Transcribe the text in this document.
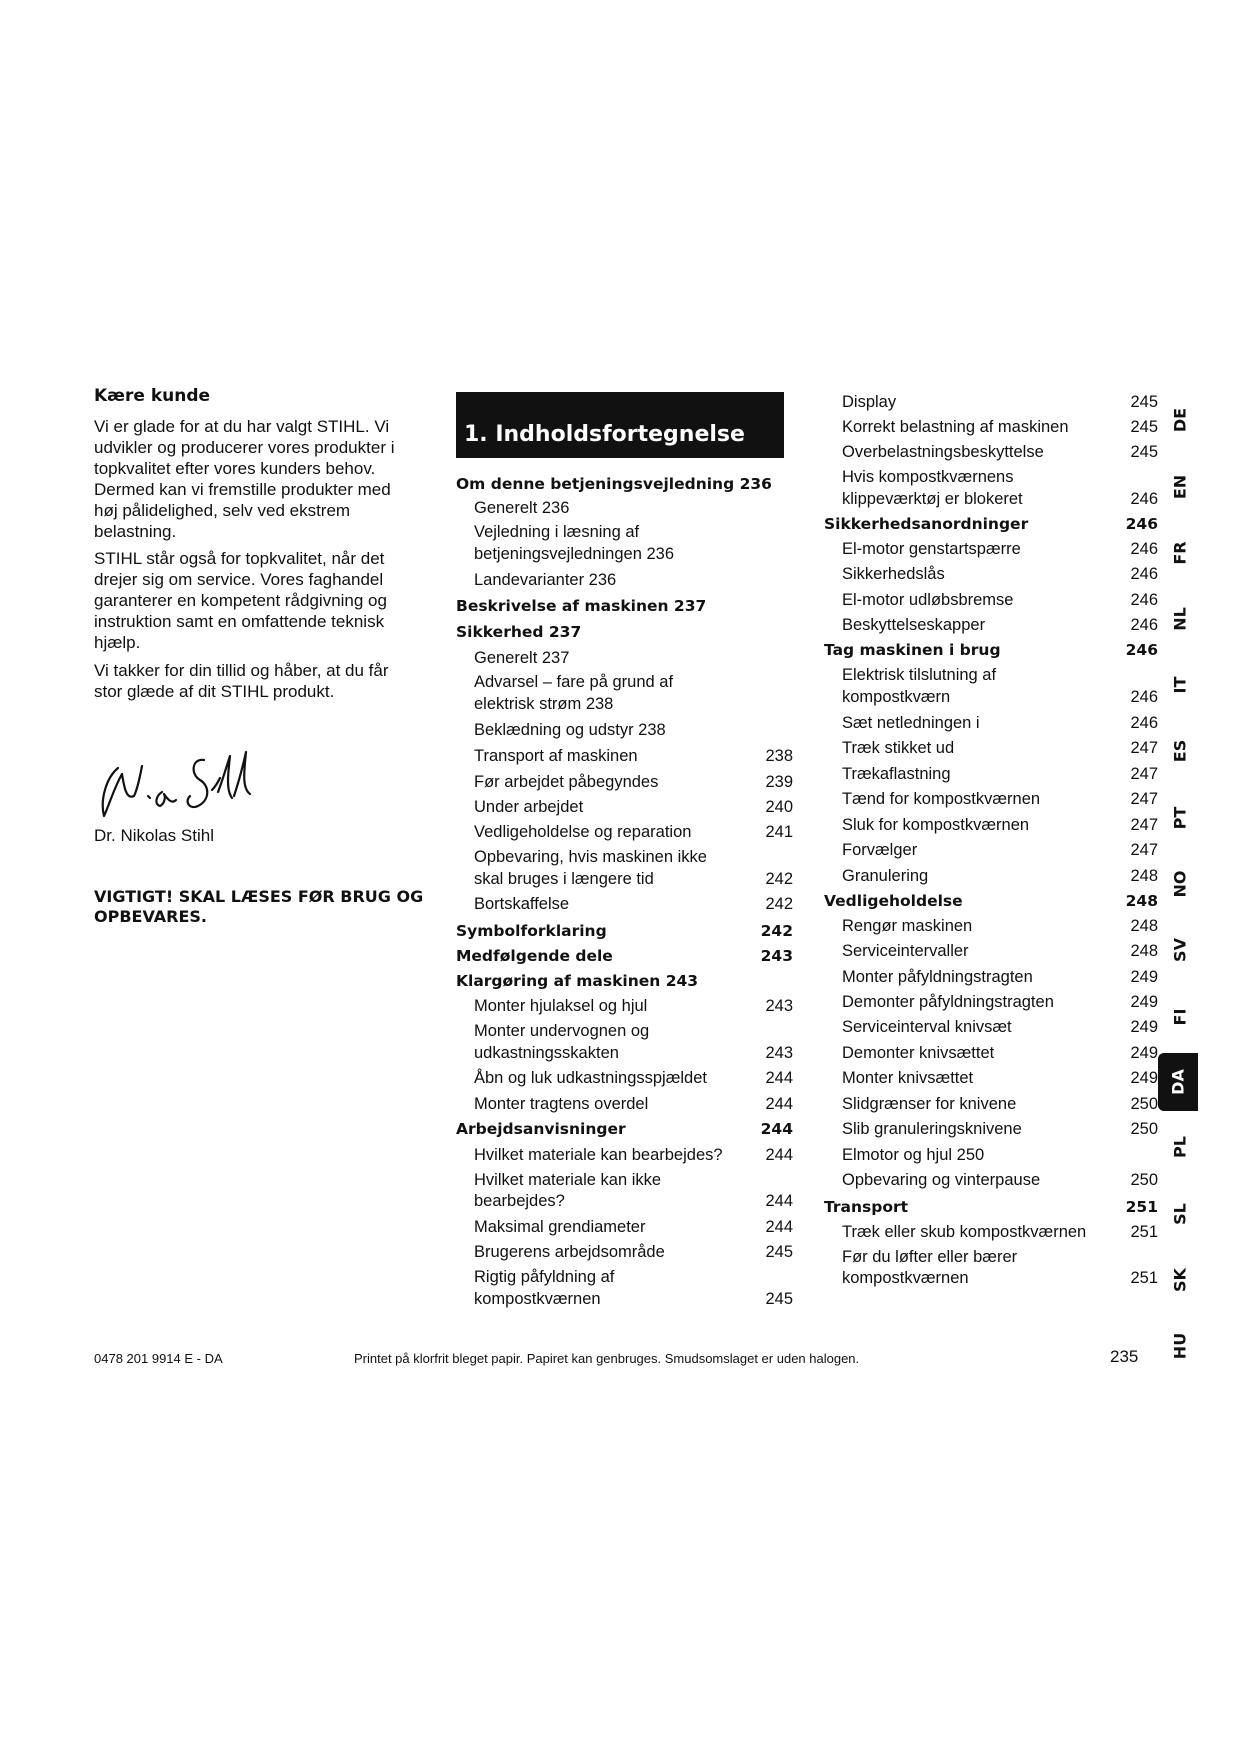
Kære kunde
Vi er glade for at du har valgt STIHL. Vi udvikler og producerer vores produkter i topkvalitet efter vores kunders behov. Dermed kan vi fremstille produkter med høj pålidelighed, selv ved ekstrem belastning.
STIHL står også for topkvalitet, når det drejer sig om service. Vores faghandel garanterer en kompetent rådgivning og instruktion samt en omfattende teknisk hjælp.
Vi takker for din tillid og håber, at du får stor glæde af dit STIHL produkt.
Dr. Nikolas Stihl
VIGTIGT! SKAL LÆSES FØR BRUG OG OPBEVARES.
1. Indholdsfortegnelse
Om denne betjeningsvejledning 236
Generelt 236
Vejledning i læsning af
betjeningsvejledningen 236
Landevarianter 236
Beskrivelse af maskinen 237
Sikkerhed 237
Generelt 237
Advarsel – fare på grund af
elektrisk strøm 238
Beklædning og udstyr 238
Transport af maskinen	238
Før arbejdet påbegyndes	239
Under arbejdet	240
Vedligeholdelse og reparation	241
Opbevaring, hvis maskinen ikke
skal bruges i længere tid	242
Bortskaffelse	242
Symbolforklaring	242
Medfølgende dele	243
Klargøring af maskinen 243
Monter hjulaksel og hjul	243
Monter undervognen og
udkastningsskakten	243
Åbn og luk udkastningsspjældet	244
Monter tragtens overdel	244
Arbejdsanvisninger	244
Hvilket materiale kan bearbejdes?	244
Hvilket materiale kan ikke
bearbejdes?	244
Maksimal grendiameter	244
Brugerens arbejdsområde	245
Rigtig påfyldning af
kompostkværnen	245
Display	245
Korrekt belastning af maskinen	245
Overbelastningsbeskyttelse	245
Hvis kompostkværnens
klippeværktøj er blokeret	246
Sikkerhedsanordninger	246
El-motor genstartspærre	246
Sikkerhedslås	246
El-motor udløbsbremse	246
Beskyttelseskapper	246
Tag maskinen i brug	246
Elektrisk tilslutning af
kompostkværn	246
Sæt netledningen i	246
Træk stikket ud	247
Trækaflastning	247
Tænd for kompostkværnen	247
Sluk for kompostkværnen	247
Forvælger	247
Granulering	248
Vedligeholdelse	248
Rengør maskinen	248
Serviceintervaller	248
Monter påfyldningstragten	249
Demonter påfyldningstragten	249
Serviceinterval knivsæt	249
Demonter knivsættet	249
Monter knivsættet	249
Slidgrænser for knivene	250
Slib granuleringsknivene	250
Elmotor og hjul 250
Opbevaring og vinterpause	250
Transport	251
Træk eller skub kompostkværnen	251
Før du løfter eller bærer
kompostkværnen	251
DE
EN
FR
NL
IT
ES
PT
NO
SV
FI
DA
PL
SL
SK
HU
0478 201 9914 E - DA	Printet på klorfrit bleget papir. Papiret kan genbruges. Smudsomslaget er uden halogen.	235
